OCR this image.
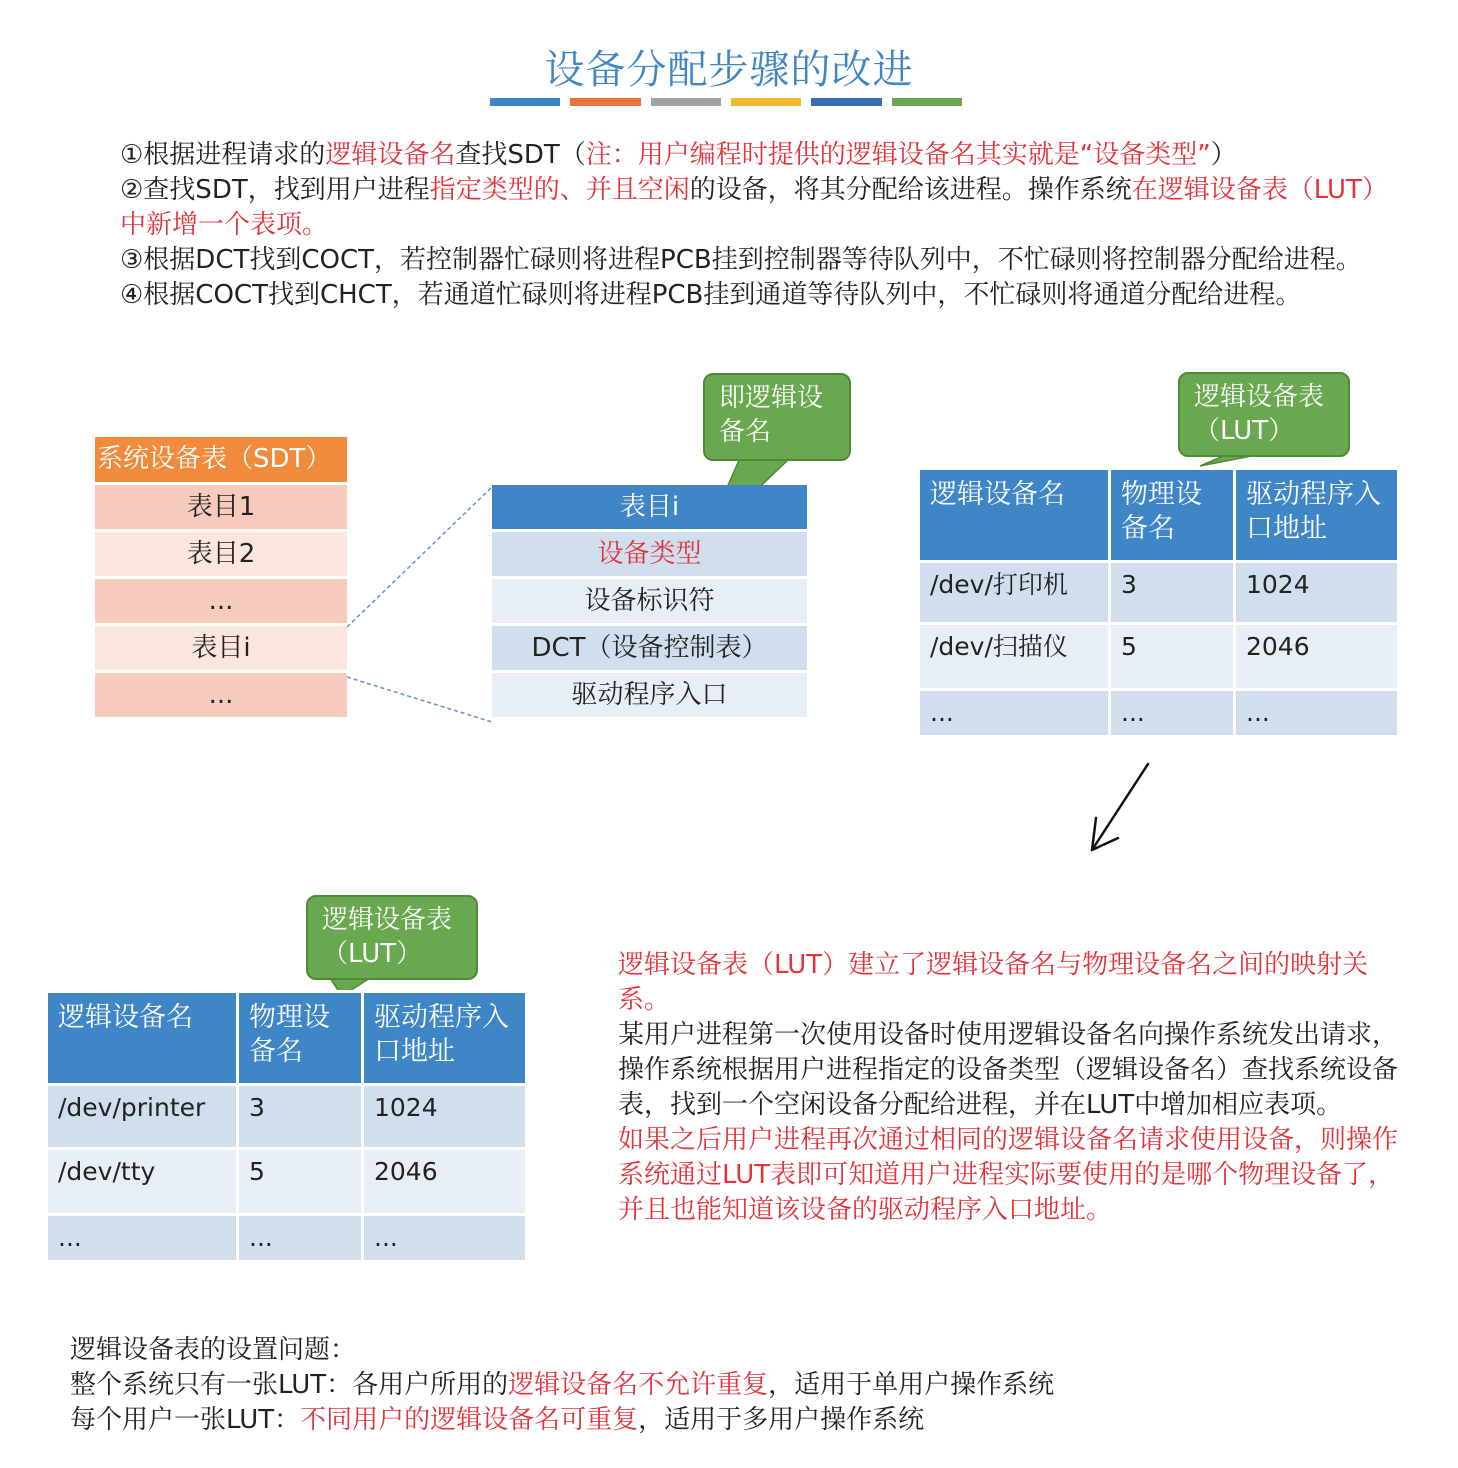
设备分配步骤的改进
①根据进程请求的逻辑设备名查找SDT（注：用户编程时提供的逻辑设备名其实就是“设备类型”）
②查找SDT，找到用户进程指定类型的、并且空闲的设备，将其分配给该进程。操作系统在逻辑设备表（LUT）中新增一个表项。
③根据DCT找到COCT，若控制器忙碌则将进程PCB挂到控制器等待队列中，不忙碌则将控制器分配给进程。
④根据COCT找到CHCT，若通道忙碌则将进程PCB挂到通道等待队列中，不忙碌则将通道分配给进程。
系统设备表（SDT）
表目1
表目2
...
表目i
...
表目i
设备类型
设备标识符
DCT（设备控制表）
驱动程序入口
即逻辑设备名
逻辑设备表（LUT）
逻辑设备表（LUT）
逻辑设备名	物理设备名	驱动程序入口地址
/dev/打印机	3	1024
/dev/扫描仪	5	2046
...	...	...
逻辑设备名	物理设备名	驱动程序入口地址
/dev/printer	3	1024
/dev/tty	5	2046
...	...	...
逻辑设备表（LUT）建立了逻辑设备名与物理设备名之间的映射关系。
某用户进程第一次使用设备时使用逻辑设备名向操作系统发出请求，操作系统根据用户进程指定的设备类型（逻辑设备名）查找系统设备表，找到一个空闲设备分配给进程，并在LUT中增加相应表项。
如果之后用户进程再次通过相同的逻辑设备名请求使用设备，则操作系统通过LUT表即可知道用户进程实际要使用的是哪个物理设备了，并且也能知道该设备的驱动程序入口地址。
逻辑设备表的设置问题：
整个系统只有一张LUT：各用户所用的逻辑设备名不允许重复，适用于单用户操作系统
每个用户一张LUT：不同用户的逻辑设备名可重复，适用于多用户操作系统
